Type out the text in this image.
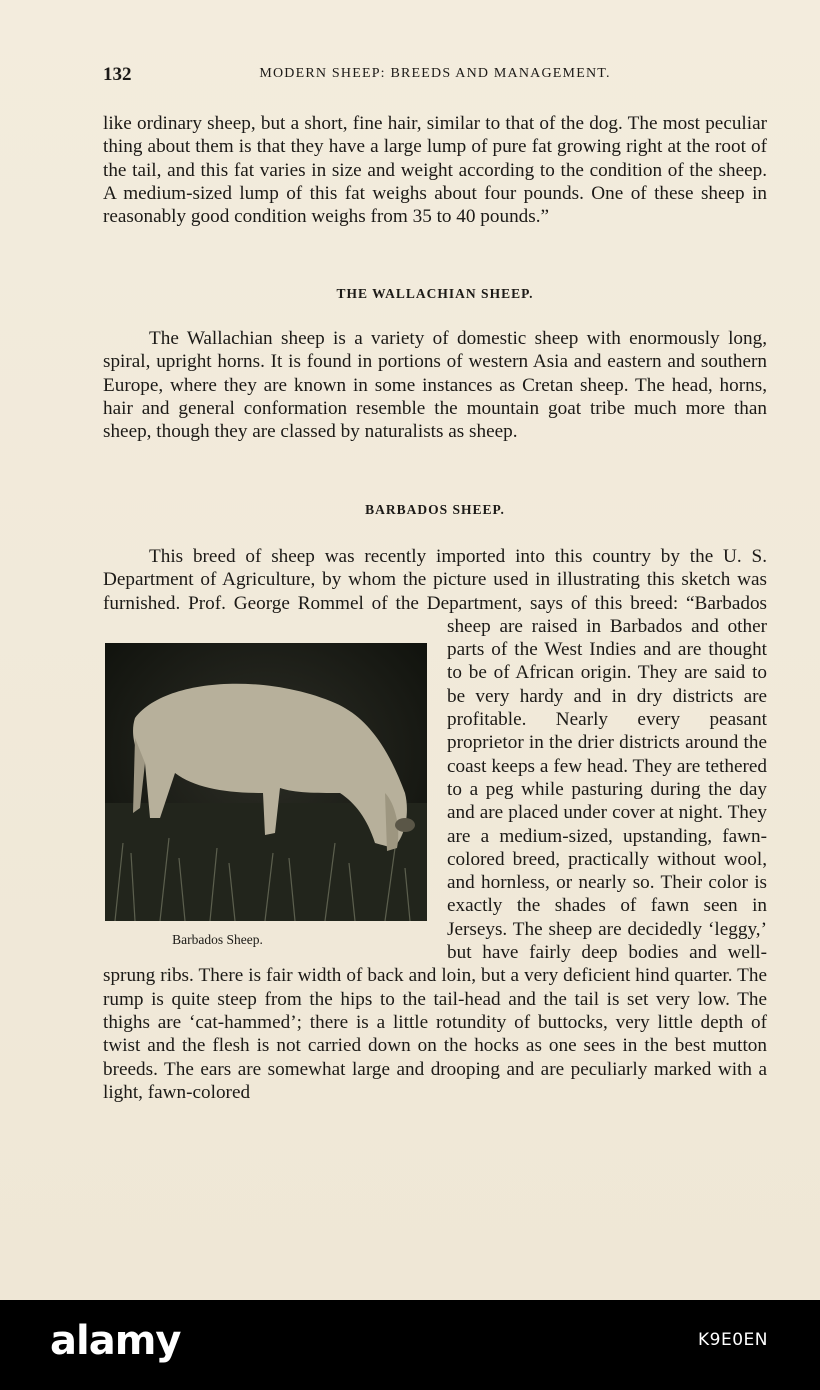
132	MODERN SHEEP: BREEDS AND MANAGEMENT.

like ordinary sheep, but a short, fine hair, similar to that of the dog. The most peculiar thing about them is that they have a large lump of pure fat growing right at the root of the tail, and this fat varies in size and weight according to the condition of the sheep. A medium-sized lump of this fat weighs about four pounds. One of these sheep in reasonably good condition weighs from 35 to 40 pounds.”

THE WALLACHIAN SHEEP.

The Wallachian sheep is a variety of domestic sheep with enormously long, spiral, upright horns. It is found in portions of western Asia and eastern and southern Europe, where they are known in some instances as Cretan sheep. The head, horns, hair and general conformation resemble the mountain goat tribe much more than sheep, though they are classed by naturalists as sheep.

BARBADOS SHEEP.
This breed of sheep was recently imported into this country by the U. S. Department of Agriculture, by whom the picture used in illustrating this sketch was furnished. Prof. George Rommel of the Department, says of this breed: “Barbados sheep
Barbados Sheep.
are raised in Barbados and other parts of the West Indies and are thought to be of African origin. They are said to be very hardy and in dry districts are profitable. Nearly every peasant proprietor in the drier districts around the coast keeps a few head. They are tethered to a peg while pasturing during the day and are placed under cover at night. They are a medium-sized, upstanding, fawn-colored breed, practically without wool, and hornless, or nearly so. Their color is exactly the shades of fawn seen in Jerseys. The sheep are decidedly ‘leggy,’ but have fairly deep bodies and well-sprung ribs. There is fair width of back and loin, but a very deficient hind quarter. The rump is quite steep from the hips to the tail-head and the tail is set very low. The thighs are ‘cat-hammed’; there is a little rotundity of buttocks, very little depth of twist and the flesh is not carried down on the hocks as one sees in the best mutton breeds. The ears are somewhat large and drooping and are peculiarly marked with a light, fawn-colored
alamy	K9E0EN
